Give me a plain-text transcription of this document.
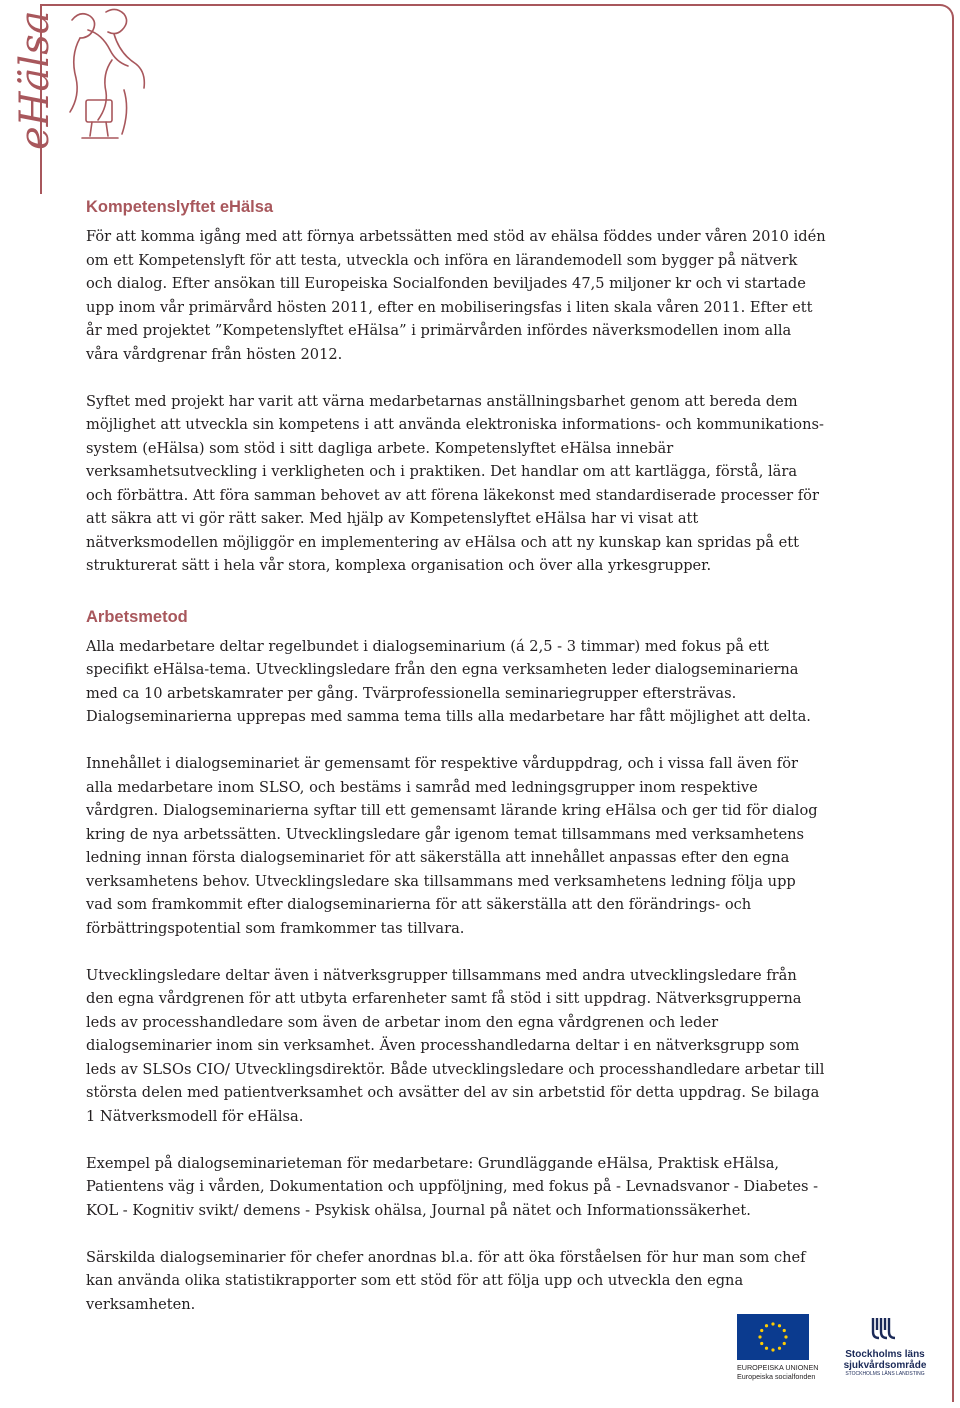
eHälsa
Kompetenslyftet eHälsa

För att komma igång med att förnya arbetssätten med stöd av ehälsa föddes under våren 2010 idén om ett Kompetenslyft för att testa, utveckla och införa en lärandemodell som bygger på nätverk och dialog. Efter ansökan till Europeiska Socialfonden beviljades 47,5 miljoner kr och vi startade upp inom vår primärvård hösten 2011, efter en mobiliseringsfas i liten skala våren 2011. Efter ett år med projektet ”Kompetenslyftet eHälsa” i primärvården infördes näverksmodellen inom alla våra vårdgrenar från hösten 2012.

Syftet med projekt har varit att värna medarbetarnas anställningsbarhet genom att bereda dem möjlighet att utveckla sin kompetens i att använda elektroniska informations- och kommunikations-system (eHälsa) som stöd i sitt dagliga arbete. Kompetenslyftet eHälsa innebär verksamhetsutveckling i verkligheten och i praktiken. Det handlar om att kartlägga, förstå, lära och förbättra. Att föra samman behovet av att förena läkekonst med standardiserade processer för att säkra att vi gör rätt saker. Med hjälp av Kompetenslyftet eHälsa har vi visat att nätverksmodellen möjliggör en implementering av eHälsa och att ny kunskap kan spridas på ett strukturerat sätt i hela vår stora, komplexa organisation och över alla yrkesgrupper.

Arbetsmetod

Alla medarbetare deltar regelbundet i dialogseminarium (á 2,5 - 3 timmar) med fokus på ett specifikt eHälsa-tema. Utvecklingsledare från den egna verksamheten leder dialogseminarierna med ca 10 arbetskamrater per gång. Tvärprofessionella seminariegrupper eftersträvas. Dialogseminarierna upprepas med samma tema tills alla medarbetare har fått möjlighet att delta.

Innehållet i dialogseminariet är gemensamt för respektive vårduppdrag, och i vissa fall även för alla medarbetare inom SLSO, och bestäms i samråd med ledningsgrupper inom respektive vårdgren. Dialogseminarierna syftar till ett gemensamt lärande kring eHälsa och ger tid för dialog kring de nya arbetssätten. Utvecklingsledare går igenom temat tillsammans med verksamhetens ledning innan första dialogseminariet för att säkerställa att innehållet anpassas efter den egna verksamhetens behov. Utvecklingsledare ska tillsammans med verksamhetens ledning följa upp vad som framkommit efter dialogseminarierna för att säkerställa att den förändrings- och förbättringspotential som framkommer tas tillvara.

Utvecklingsledare deltar även i nätverksgrupper tillsammans med andra utvecklingsledare från den egna vårdgrenen för att utbyta erfarenheter samt få stöd i sitt uppdrag. Nätverksgrupperna leds av processhandledare som även de arbetar inom den egna vårdgrenen och leder dialogseminarier inom sin verksamhet. Även processhandledarna deltar i en nätverksgrupp som leds av SLSOs CIO/ Utvecklingsdirektör. Både utvecklingsledare och processhandledare arbetar till största delen med patientverksamhet och avsätter del av sin arbetstid för detta uppdrag. Se bilaga 1 Nätverksmodell för eHälsa.

Exempel på dialogseminarieteman för medarbetare: Grundläggande eHälsa, Praktisk eHälsa, Patientens väg i vården, Dokumentation och uppföljning, med fokus på - Levnadsvanor - Diabetes - KOL - Kognitiv svikt/ demens - Psykisk ohälsa, Journal på nätet och Informationssäkerhet.

Särskilda dialogseminarier för chefer anordnas bl.a. för att öka förståelsen för hur man som chef kan använda olika statistikrapporter som ett stöd för att följa upp och utveckla den egna verksamheten.

EUROPEISKA UNIONEN
Europeiska socialfonden
Stockholms läns
sjukvårdsområde
STOCKHOLMS LÄNS LANDSTING
